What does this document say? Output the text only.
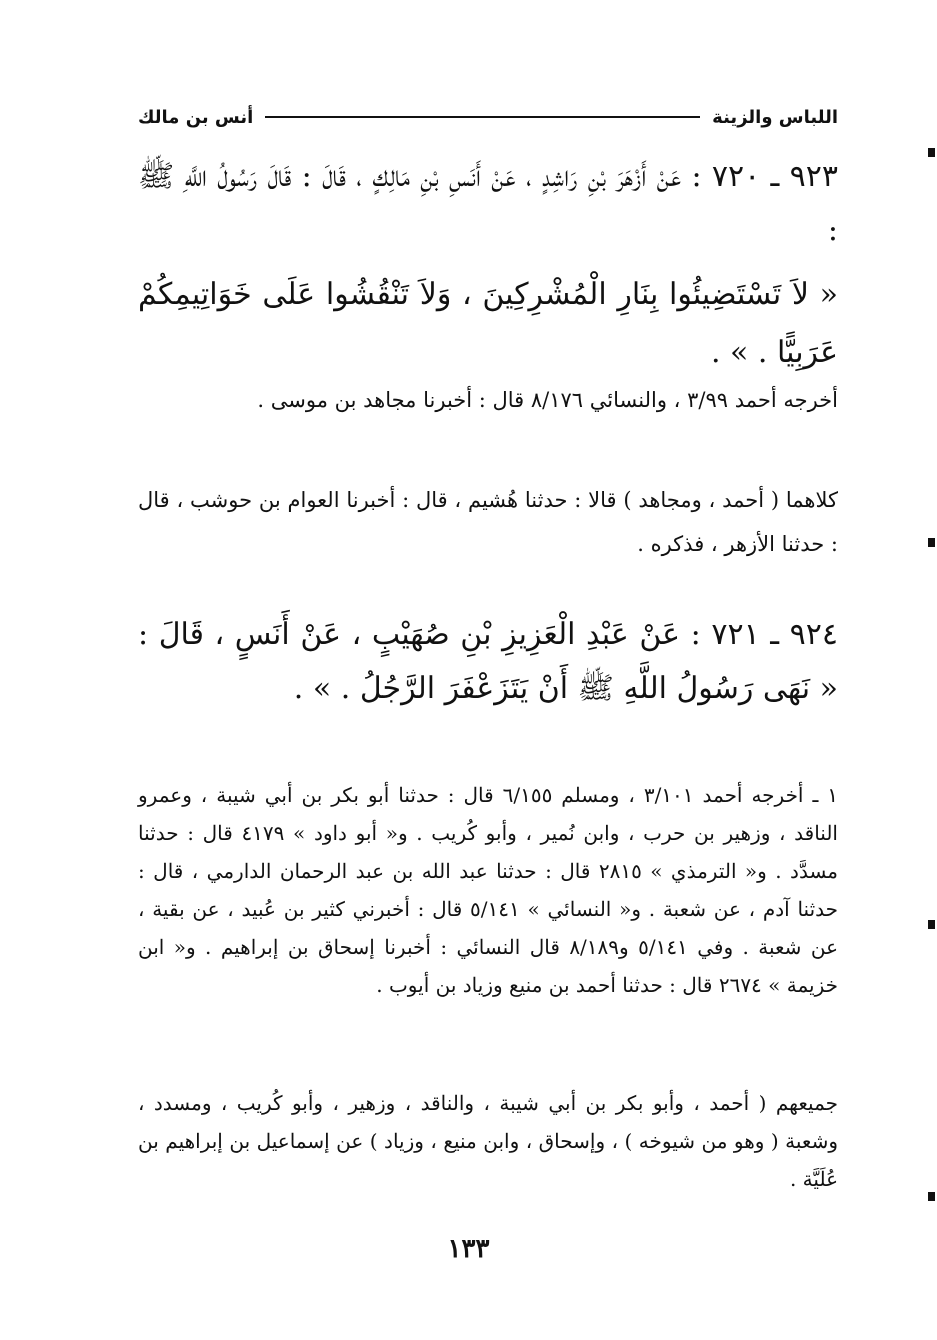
اللباس والزينة
أنس بن مالك
٩٢٣ ـ ٧٢٠ : عَنْ أَزْهَرَ بْنِ رَاشِدٍ ، عَنْ أَنَسِ بْنِ مَالِكٍ ، قَالَ : قَالَ رَسُولُ اللَّهِ ﷺ :
« لاَ تَسْتَضِيئُوا بِنَارِ الْمُشْرِكِينَ ، وَلاَ تَنْقُشُوا عَلَى خَوَاتِيمِكُمْ عَرَبِيًّا . » .
أخرجه أحمد ٣/٩٩ ، والنسائي ٨/١٧٦ قال : أخبرنا مجاهد بن موسى .
كلاهما ( أحمد ، ومجاهد ) قالا : حدثنا هُشيم ، قال : أخبرنا العوام بن حوشب ، قال : حدثنا الأزهر ، فذكره .
٩٢٤ ـ ٧٢١ : عَنْ عَبْدِ الْعَزِيزِ بْنِ صُهَيْبٍ ، عَنْ أَنَسٍ ، قَالَ : « نَهَى رَسُولُ اللَّهِ ﷺ أَنْ يَتَزَعْفَرَ الرَّجُلُ . » .
١ ـ أخرجه أحمد ٣/١٠١ ، ومسلم ٦/١٥٥ قال : حدثنا أبو بكر بن أبي شيبة ، وعمرو الناقد ، وزهير بن حرب ، وابن نُمير ، وأبو كُريب . و« أبو داود » ٤١٧٩ قال : حدثنا مسدَّد . و« الترمذي » ٢٨١٥ قال : حدثنا عبد الله بن عبد الرحمان الدارمي ، قال : حدثنا آدم ، عن شعبة . و« النسائي » ٥/١٤١ قال : أخبرني كثير بن عُبيد ، عن بقية ، عن شعبة . وفي ٥/١٤١ و٨/١٨٩ قال النسائي : أخبرنا إسحاق بن إبراهيم . و« ابن خزيمة » ٢٦٧٤ قال : حدثنا أحمد بن منيع وزياد بن أيوب .
جميعهم ( أحمد ، وأبو بكر بن أبي شيبة ، والناقد ، وزهير ، وأبو كُريب ، ومسدد ، وشعبة ( وهو من شيوخه ) ، وإسحاق ، وابن منيع ، وزياد ) عن إسماعيل بن إبراهيم بن عُلَيَّة .
١٣٣
